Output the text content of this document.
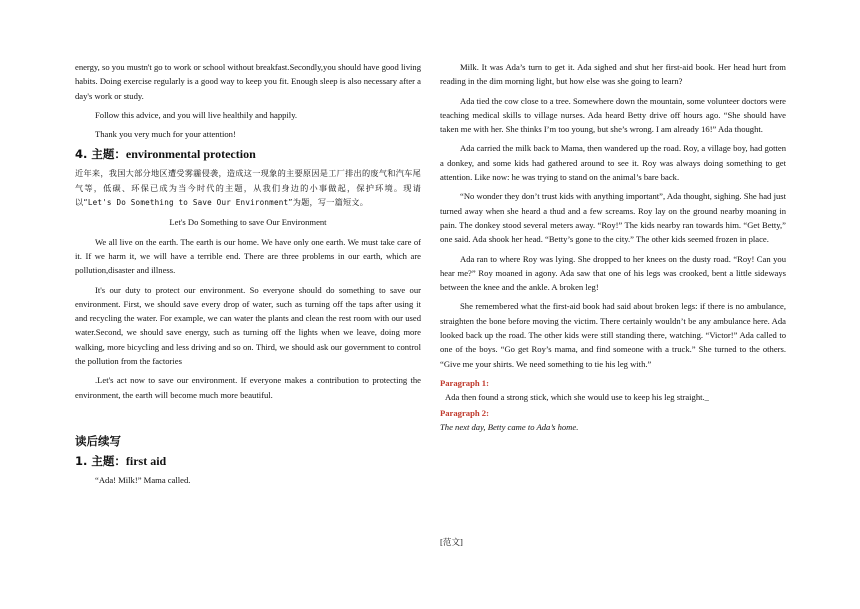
energy, so you mustn't go to work or school without breakfast.Secondly,you should have good living habits. Doing exercise regularly is a good way to keep you fit. Enough sleep is also necessary after a day's work or study.

Follow this advice, and you will live healthily and happily.

Thank you very much for your attention!

4. 主题：environmental protection

近年来，我国大部分地区遭受雾霾侵袭，造成这一现象的主要原因是工厂排出的废气和汽车尾气等，低碳、环保已成为当今时代的主题，从我们身边的小事做起，保护环境。现请以“Let's Do Something to Save Our Environment”为题，写一篇短文。

Let's Do Something to save Our Environment

We all live on the earth. The earth is our home. We have only one earth. We must take care of it. If we harm it, we will have a terrible end. There are three problems in our earth, which are pollution,disaster and illness.

It's our duty to protect our environment. So everyone should do something to save our environment. First, we should save every drop of water, such as turning off the taps after using it and recycling the water. For example, we can water the plants and clean the rest room with our used water.Second, we should save energy, such as turning off the lights when we leave, doing more walking, more bicycling and less driving and so on. Third, we should ask our government to control the pollution from the factories

.Let's act now to save our environment. If everyone makes a contribution to protecting the environment, the earth will become much more beautiful.

读后续写
1. 主题：first aid

“Ada! Milk!” Mama called.

Milk. It was Ada’s turn to get it. Ada sighed and shut her first-aid book. Her head hurt from reading in the dim morning light, but how else was she going to learn?

Ada tied the cow close to a tree. Somewhere down the mountain, some volunteer doctors were teaching medical skills to village nurses. Ada heard Betty drive off hours ago. “She should have taken me with her. She thinks I’m too young, but she’s wrong. I am already 16!” Ada thought.

Ada carried the milk back to Mama, then wandered up the road. Roy, a village boy, had gotten a donkey, and some kids had gathered around to see it. Roy was always doing something to get attention. Like now: he was trying to stand on the animal’s bare back.

“No wonder they don’t trust kids with anything important”, Ada thought, sighing. She had just turned away when she heard a thud and a few screams. Roy lay on the ground nearby moaning in pain. The donkey stood several meters away. “Roy!” The kids nearby ran towards him. “Get Betty,” one said. Ada shook her head. “Betty’s gone to the city.” The other kids seemed frozen in place.

Ada ran to where Roy was lying. She dropped to her knees on the dusty road. “Roy! Can you hear me?” Roy moaned in agony. Ada saw that one of his legs was crooked, bent a little sideways between the knee and the ankle. A broken leg!

She remembered what the first-aid book had said about broken legs: if there is no ambulance, straighten the bone before moving the victim. There certainly wouldn’t be any ambulance here. Ada looked back up the road. The other kids were still standing there, watching. “Victor!” Ada called to one of the boys. “Go get Roy’s mama, and find someone with a truck.” She turned to the others. “Give me your shirts. We need something to tie his leg with.”

Paragraph 1:

Ada then found a strong stick, which she would use to keep his leg straight._

Paragraph 2:

The next day, Betty came to Ada’s home.

[范文]
